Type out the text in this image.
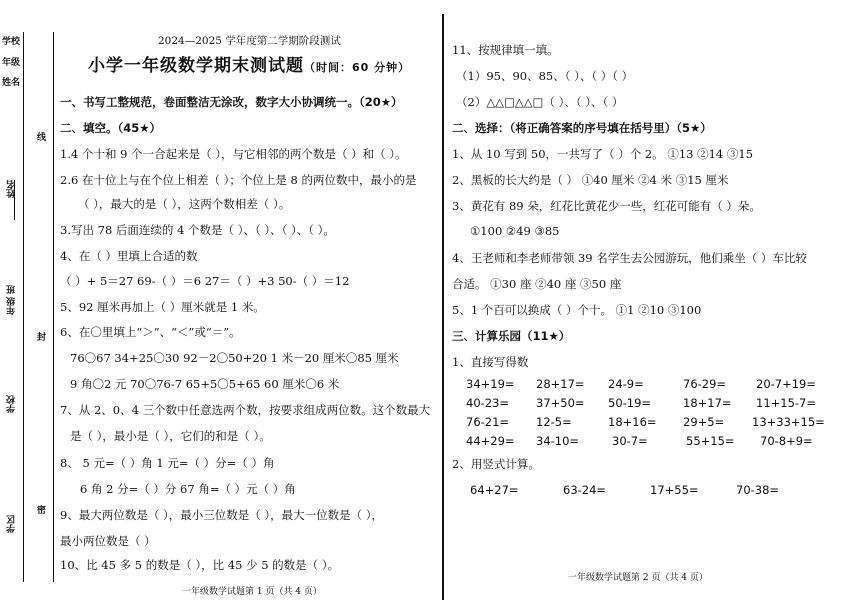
学校
年级
姓名
姓名
年级 班
学校
学区
线
封
密
2024—2025 学年度第二学期阶段测试
小学一年级数学期末测试题（时间：60 分钟）
一、书写工整规范，卷面整洁无涂改，数字大小协调统一。（20★）
二、填空。（45★）
1.4 个十和 9 个一合起来是（ ），与它相邻的两个数是（ ）和（ ）。
2.6 在十位上与在个位上相差（ ）；个位上是 8 的两位数中，最小的是
（ ），最大的是（ ），这两个数相差（ ）。
3.写出 78 后面连续的 4 个数是（ ）、（ ）、（ ）、（ ）。
4、在（ ）里填上合适的数
（ ）+ 5＝27 69-（ ）＝6 27＝（ ）+3 50-（ ）＝12
5、92 厘米再加上（ ）厘米就是 1 米。
6、在〇里填上“＞”、“＜”或“＝”。
76〇67 34+25〇30 92－2〇50+20 1 米－20 厘米〇85 厘米
9 角〇2 元 70〇76-7 65+5〇5+65 60 厘米〇6 米
7、从 2、0、4 三个数中任意选两个数，按要求组成两位数。这个数最大
是（ ），最小是（ ），它们的和是（ ）。
8、 5 元=（ ）角 1 元=（ ）分=（ ）角
6 角 2 分=（ ）分 67 角=（ ）元（ ）角
9、最大两位数是（ ），最小三位数是（ ），最大一位数是（ ），
最小两位数是（ ）
10、比 45 多 5 的数是（ ），比 45 少 5 的数是（ ）。
一年级数学试题第 1 页（共 4 页）
11、按规律填一填。
（1）95、90、85、（ ）、（ ）（ ）
（2）△△□△△□（ ）、（ ）、（ ）
二、选择：（将正确答案的序号填在括号里）（5★）
1、从 10 写到 50，一共写了（ ）个 2。 ①13 ②14 ③15
2、黑板的长大约是（ ） ①40 厘米 ②4 米 ③15 厘米
3、黄花有 89 朵，红花比黄花少一些，红花可能有（ ）朵。
①100 ②49 ③85
4、王老师和李老师带领 39 名学生去公园游玩，他们乘坐（ ）车比较
合适。 ①30 座 ②40 座 ③50 座
5、1 个百可以换成（ ）个十。 ①1 ②10 ③100
三、计算乐园（11★）
1、直接写得数
34+19= 28+17= 24-9=	76-29=	20-7+19=
40-23= 37+50= 50-19=	18+17= 11+15-7=
76-21= 12-5=	18+16= 29+5= 13+33+15=
44+29= 34-10=	30-7=	55+15= 70-8+9=
2、用竖式计算。
64+27=	63-24=	17+55=	70-38=
一年级数学试题第 2 页（共 4 页）
